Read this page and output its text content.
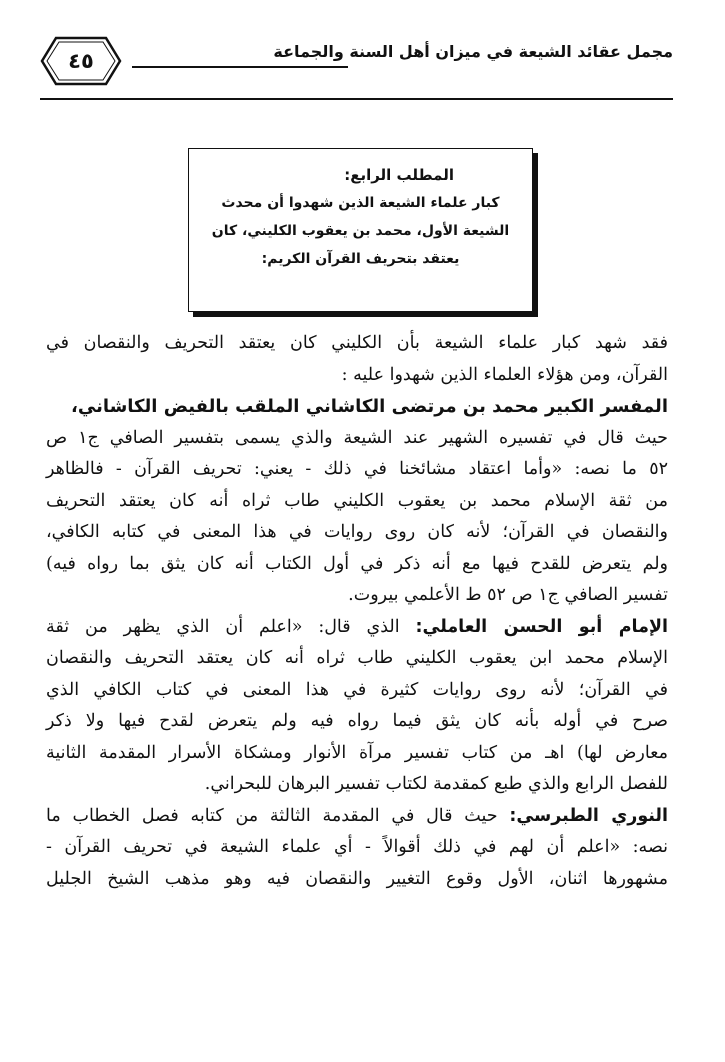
٤٥	مجمل عقائد الشيعة في ميزان أهل السنة والجماعة
المطلب الرابع:
كبار علماء الشيعة الذين شهدوا أن محدث
الشيعة الأول، محمد بن يعقوب الكليني، كان
يعتقد بتحريف القرآن الكريم:
فقد شهد كبار علماء الشيعة بأن الكليني كان يعتقد التحريف والنقصان في
القرآن، ومن هؤلاء العلماء الذين شهدوا عليه :
المفسر الكبير محمد بن مرتضى الكاشاني الملقب بالفيض الكاشاني،
حيث قال في تفسيره الشهير عند الشيعة والذي يسمى بتفسير الصافي ج١ ص
٥٢ ما نصه: «وأما اعتقاد مشائخنا في ذلك - يعني: تحريف القرآن - فالظاهر
من ثقة الإسلام محمد بن يعقوب الكليني طاب ثراه أنه كان يعتقد التحريف
والنقصان في القرآن؛ لأنه كان روى روايات في هذا المعنى في كتابه الكافي،
ولم يتعرض للقدح فيها مع أنه ذكر في أول الكتاب أنه كان يثق بما رواه فيه)
تفسير الصافي ج١ ص ٥٢ ط الأعلمي بيروت.
الإمام أبو الحسن العاملي: الذي قال: «اعلم أن الذي يظهر من ثقة
الإسلام محمد ابن يعقوب الكليني طاب ثراه أنه كان يعتقد التحريف والنقصان
في القرآن؛ لأنه روى روايات كثيرة في هذا المعنى في كتاب الكافي الذي
صرح في أوله بأنه كان يثق فيما رواه فيه ولم يتعرض لقدح فيها ولا ذكر
معارض لها) اهـ من كتاب تفسير مرآة الأنوار ومشكاة الأسرار المقدمة الثانية
للفصل الرابع والذي طبع كمقدمة لكتاب تفسير البرهان للبحراني.
النوري الطبرسي: حيث قال في المقدمة الثالثة من كتابه فصل الخطاب ما
نصه: «اعلم أن لهم في ذلك أقوالاً - أي علماء الشيعة في تحريف القرآن -
مشهورها اثنان، الأول وقوع التغيير والنقصان فيه وهو مذهب الشيخ الجليل
